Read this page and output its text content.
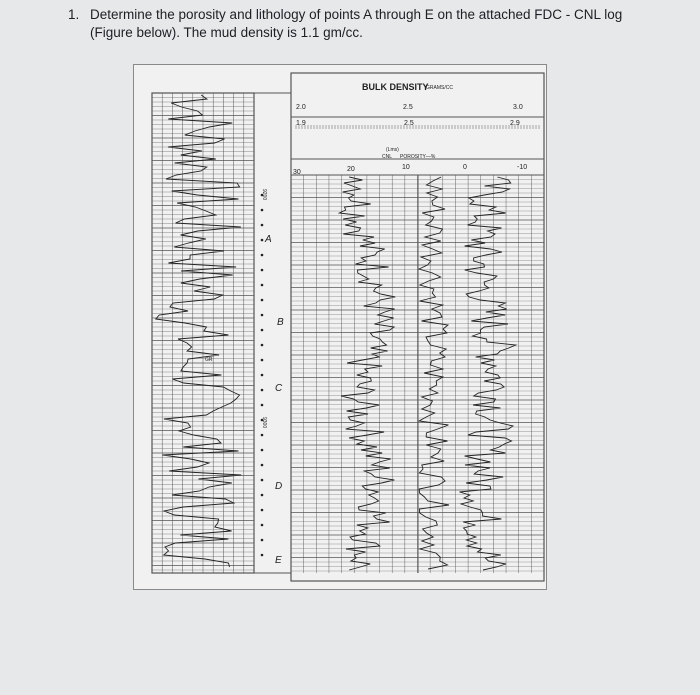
1. Determine the porosity and lithology of points A through E on the attached FDC - CNL log
(Figure below). The mud density is 1.1 gm/cc.
BULK DENSITY
GRAMS/CC
2.0	2.5	3.0
1.9	2.5	2.9
(Lms)
CNL POROSITY—%
30	20	10	0	-10
GR
9200
9300
A
B
C
D
E
